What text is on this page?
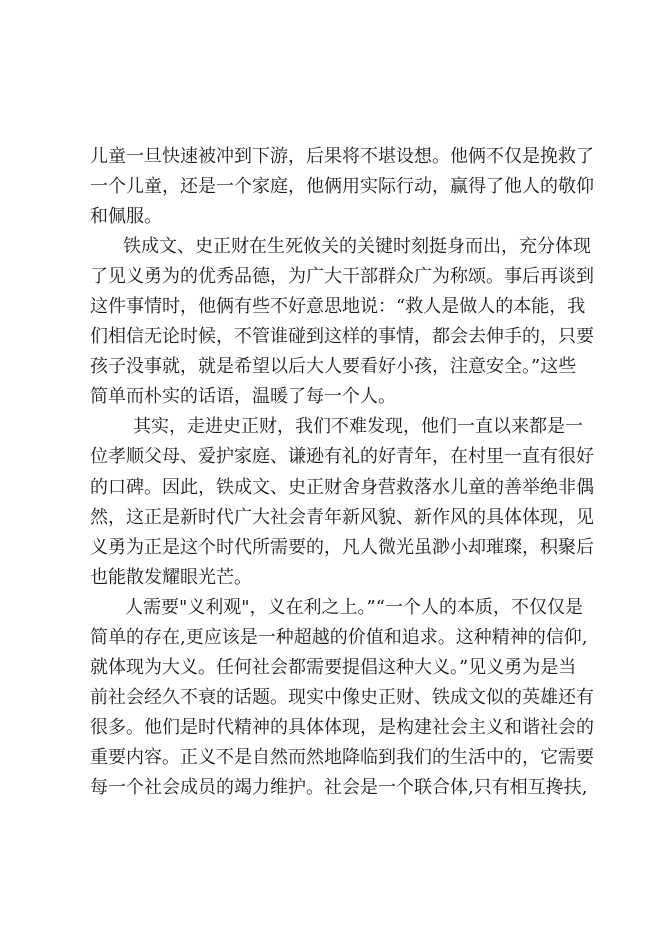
儿童一旦快速被冲到下游，后果将不堪设想。他俩不仅是挽救了
一个儿童，还是一个家庭，他俩用实际行动，赢得了他人的敬仰
和佩服。
铁成文、史正财在生死攸关的关键时刻挺身而出，充分体现
了见义勇为的优秀品德，为广大干部群众广为称颂。事后再谈到
这件事情时，他俩有些不好意思地说：“救人是做人的本能，我
们相信无论时候，不管谁碰到这样的事情，都会去伸手的，只要
孩子没事就，就是希望以后大人要看好小孩，注意安全。”这些
简单而朴实的话语，温暖了每一个人。
其实，走进史正财，我们不难发现，他们一直以来都是一
位孝顺父母、爱护家庭、谦逊有礼的好青年，在村里一直有很好
的口碑。因此，铁成文、史正财舍身营救落水儿童的善举绝非偶
然，这正是新时代广大社会青年新风貌、新作风的具体体现，见
义勇为正是这个时代所需要的，凡人微光虽渺小却璀璨，积聚后
也能散发耀眼光芒。
人需要"义利观"，义在利之上。”“一个人的本质，不仅仅是
简单的存在,更应该是一种超越的价值和追求。这种精神的信仰,
就体现为大义。任何社会都需要提倡这种大义。”见义勇为是当
前社会经久不衰的话题。现实中像史正财、铁成文似的英雄还有
很多。他们是时代精神的具体体现，是构建社会主义和谐社会的
重要内容。正义不是自然而然地降临到我们的生活中的，它需要
每一个社会成员的竭力维护。社会是一个联合体,只有相互搀扶,
